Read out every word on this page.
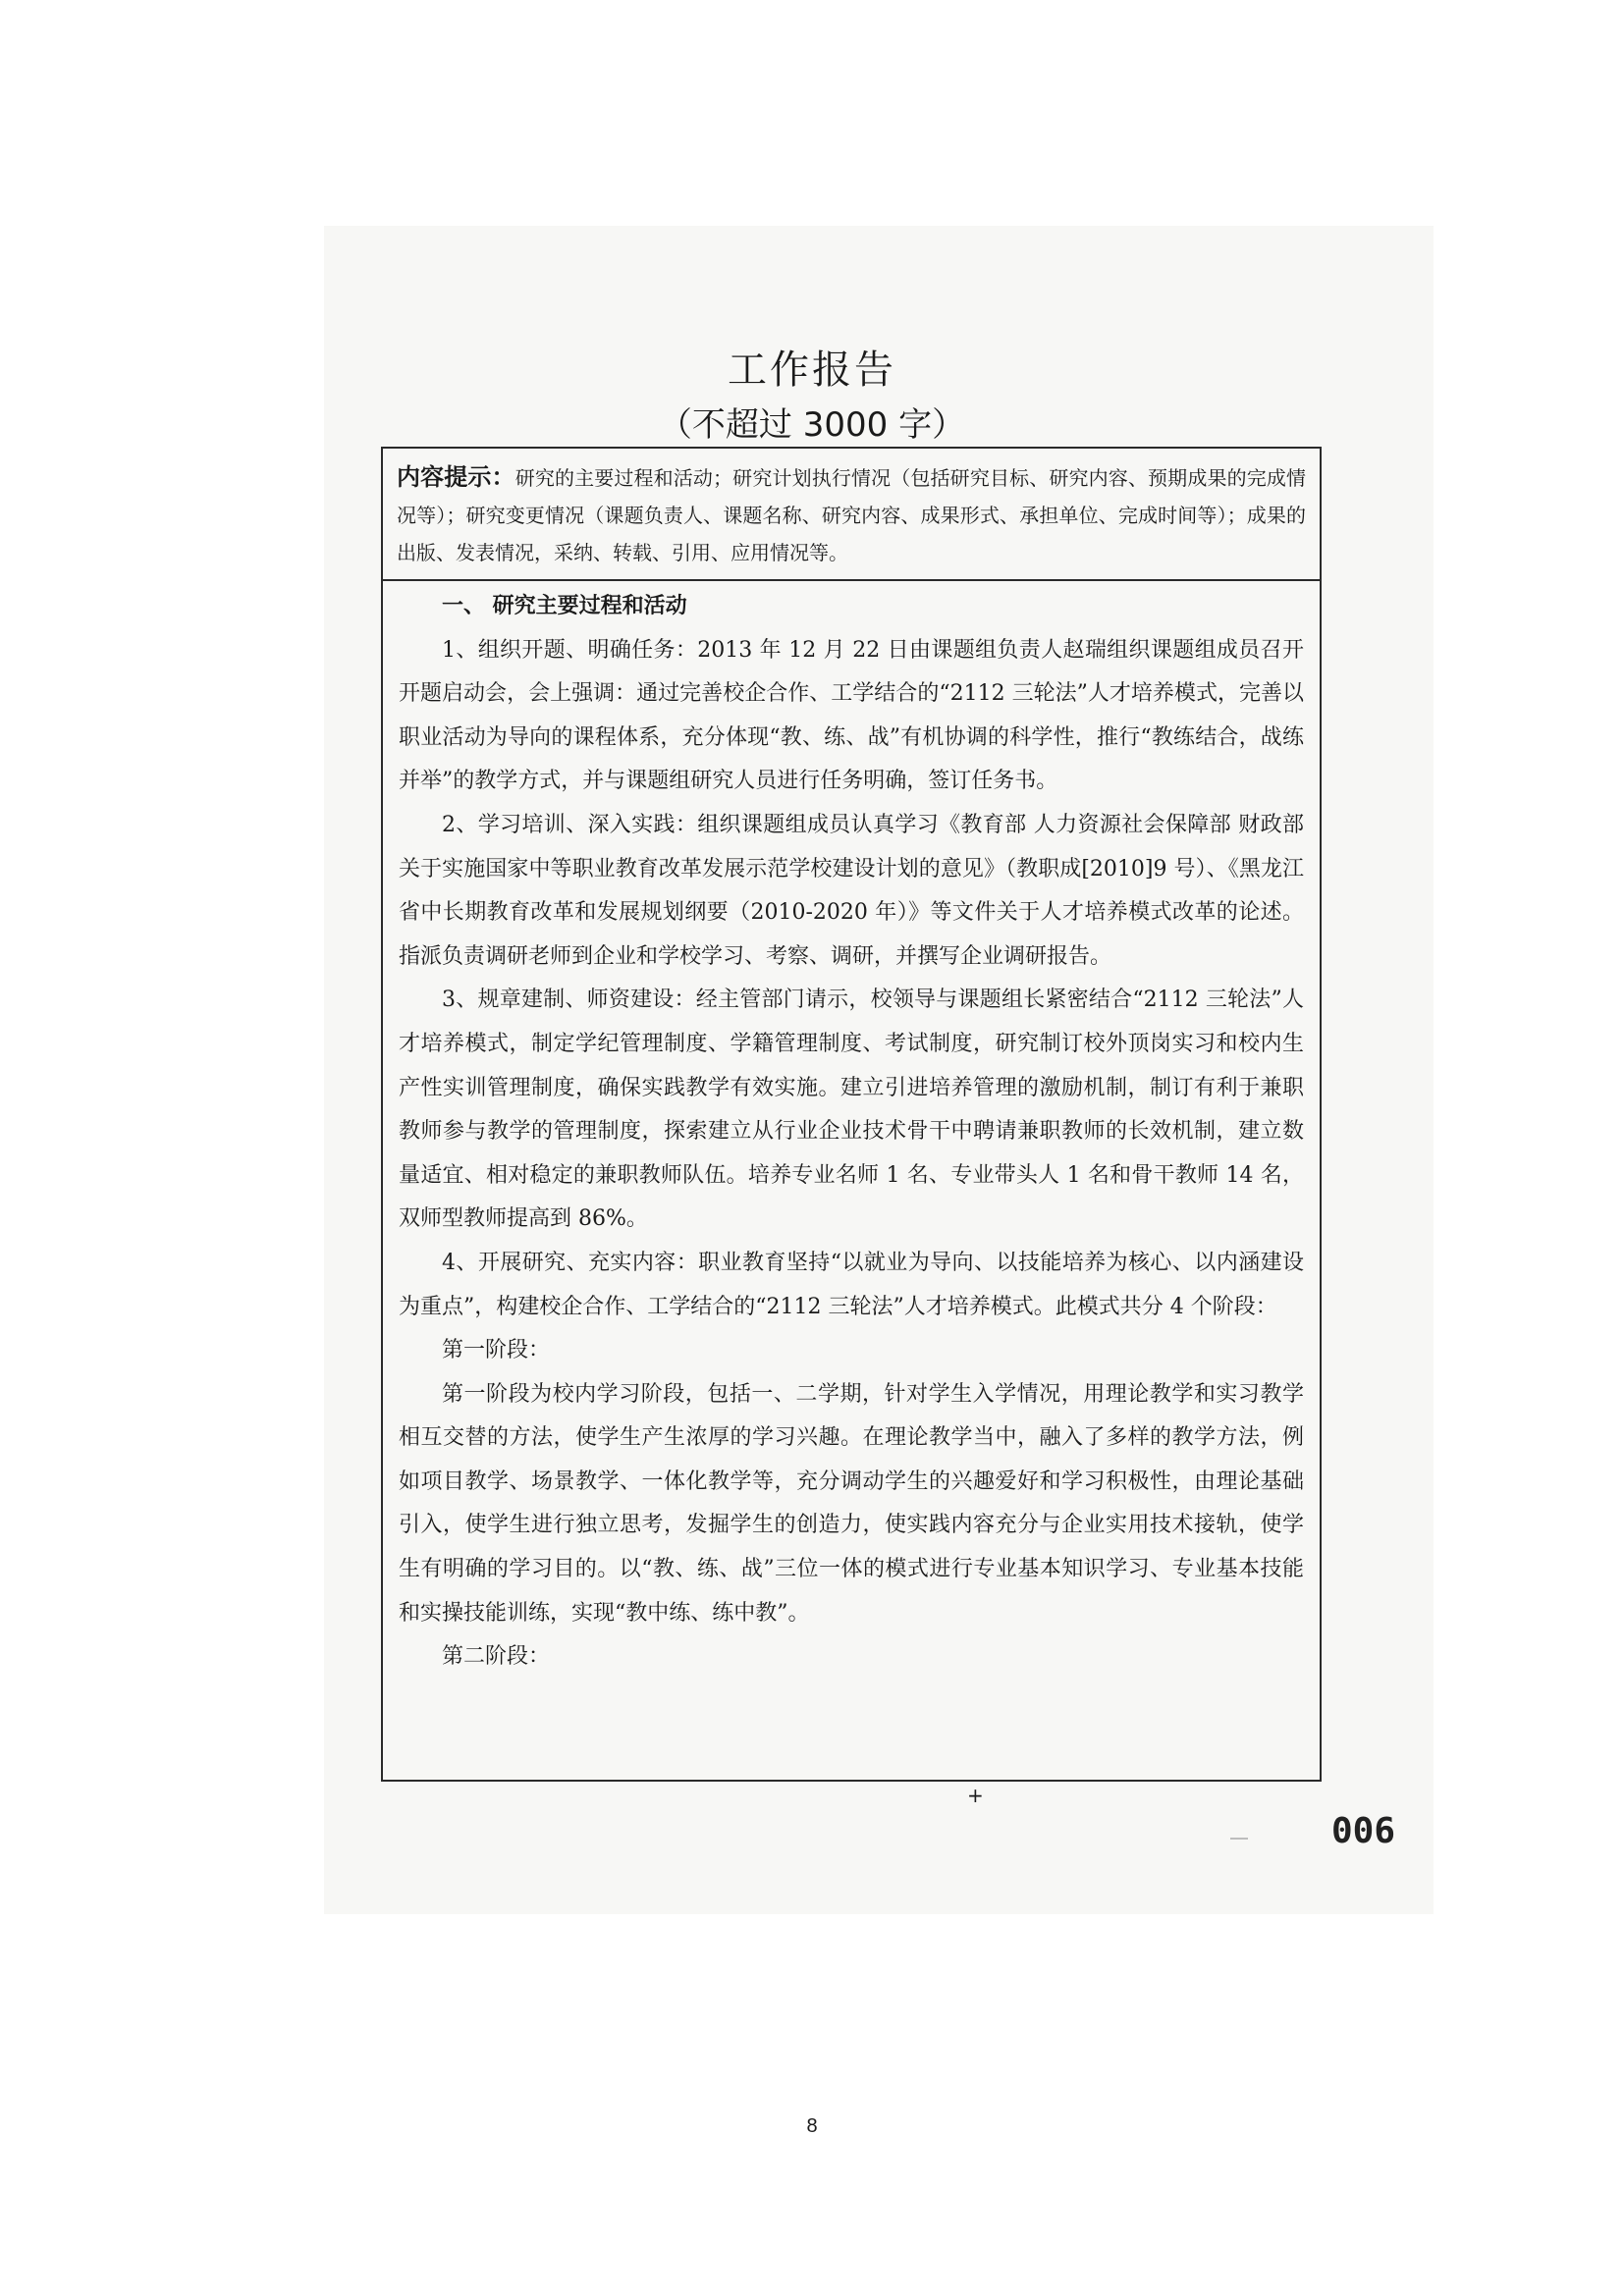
工作报告
（不超过 3000 字）
内容提示：研究的主要过程和活动；研究计划执行情况（包括研究目标、研究内容、预期成果的完成情况等）；研究变更情况（课题负责人、课题名称、研究内容、成果形式、承担单位、完成时间等）；成果的出版、发表情况，采纳、转载、引用、应用情况等。

一、 研究主要过程和活动

1、组织开题、明确任务：2013 年 12 月 22 日由课题组负责人赵瑞组织课题组成员召开开题启动会，会上强调：通过完善校企合作、工学结合的“2112 三轮法”人才培养模式，完善以职业活动为导向的课程体系，充分体现“教、练、战”有机协调的科学性，推行“教练结合，战练并举”的教学方式，并与课题组研究人员进行任务明确，签订任务书。

2、学习培训、深入实践：组织课题组成员认真学习《教育部 人力资源社会保障部 财政部关于实施国家中等职业教育改革发展示范学校建设计划的意见》（教职成[2010]9 号）、《黑龙江省中长期教育改革和发展规划纲要（2010-2020 年）》等文件关于人才培养模式改革的论述。指派负责调研老师到企业和学校学习、考察、调研，并撰写企业调研报告。

3、规章建制、师资建设：经主管部门请示，校领导与课题组长紧密结合“2112 三轮法”人才培养模式，制定学纪管理制度、学籍管理制度、考试制度，研究制订校外顶岗实习和校内生产性实训管理制度，确保实践教学有效实施。建立引进培养管理的激励机制，制订有利于兼职教师参与教学的管理制度，探索建立从行业企业技术骨干中聘请兼职教师的长效机制，建立数量适宜、相对稳定的兼职教师队伍。培养专业名师 1 名、专业带头人 1 名和骨干教师 14 名，双师型教师提高到 86%。

4、开展研究、充实内容：职业教育坚持“以就业为导向、以技能培养为核心、以内涵建设为重点”，构建校企合作、工学结合的“2112 三轮法”人才培养模式。此模式共分 4 个阶段：

第一阶段：

第一阶段为校内学习阶段，包括一、二学期，针对学生入学情况，用理论教学和实习教学相互交替的方法，使学生产生浓厚的学习兴趣。在理论教学当中，融入了多样的教学方法，例如项目教学、场景教学、一体化教学等，充分调动学生的兴趣爱好和学习积极性，由理论基础引入，使学生进行独立思考，发掘学生的创造力，使实践内容充分与企业实用技术接轨，使学生有明确的学习目的。以“教、练、战”三位一体的模式进行专业基本知识学习、专业基本技能和实操技能训练，实现“教中练、练中教”。

第二阶段：

+
006
8
